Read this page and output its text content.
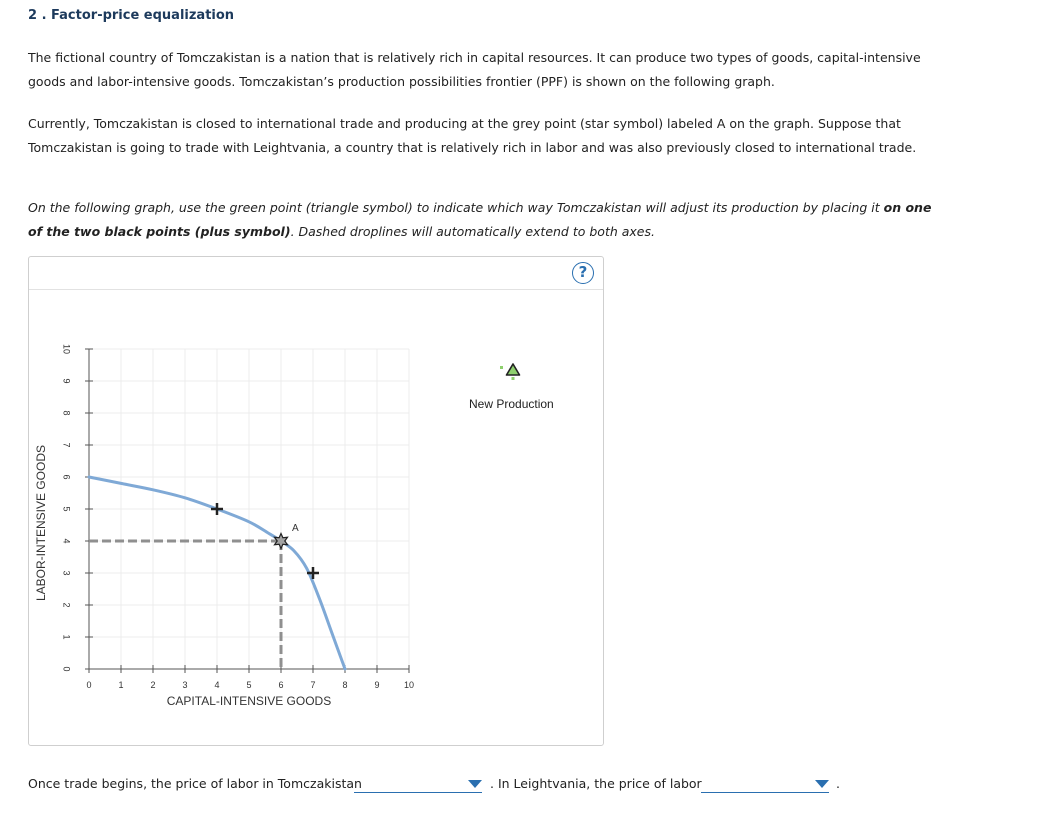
2 . Factor-price equalization
The fictional country of Tomczakistan is a nation that is relatively rich in capital resources. It can produce two types of goods, capital-intensive goods and labor-intensive goods. Tomczakistan’s production possibilities frontier (PPF) is shown on the following graph.
Currently, Tomczakistan is closed to international trade and producing at the grey point (star symbol) labeled A on the graph. Suppose that Tomczakistan is going to trade with Leightvania, a country that is relatively rich in labor and was also previously closed to international trade.
On the following graph, use the green point (triangle symbol) to indicate which way Tomczakistan will adjust its production by placing it on one of the two black points (plus symbol). Dashed droplines will automatically extend to both axes.
?
0	1	2	3	4	5	6	7	8	9	10
0
1
2
3
4
5
6
7
8
9
10
CAPITAL-INTENSIVE GOODS
LABOR-INTENSIVE GOODS	A
New Production
Once trade begins, the price of labor in Tomczakistan	. In Leightvania, the price of labor	.
